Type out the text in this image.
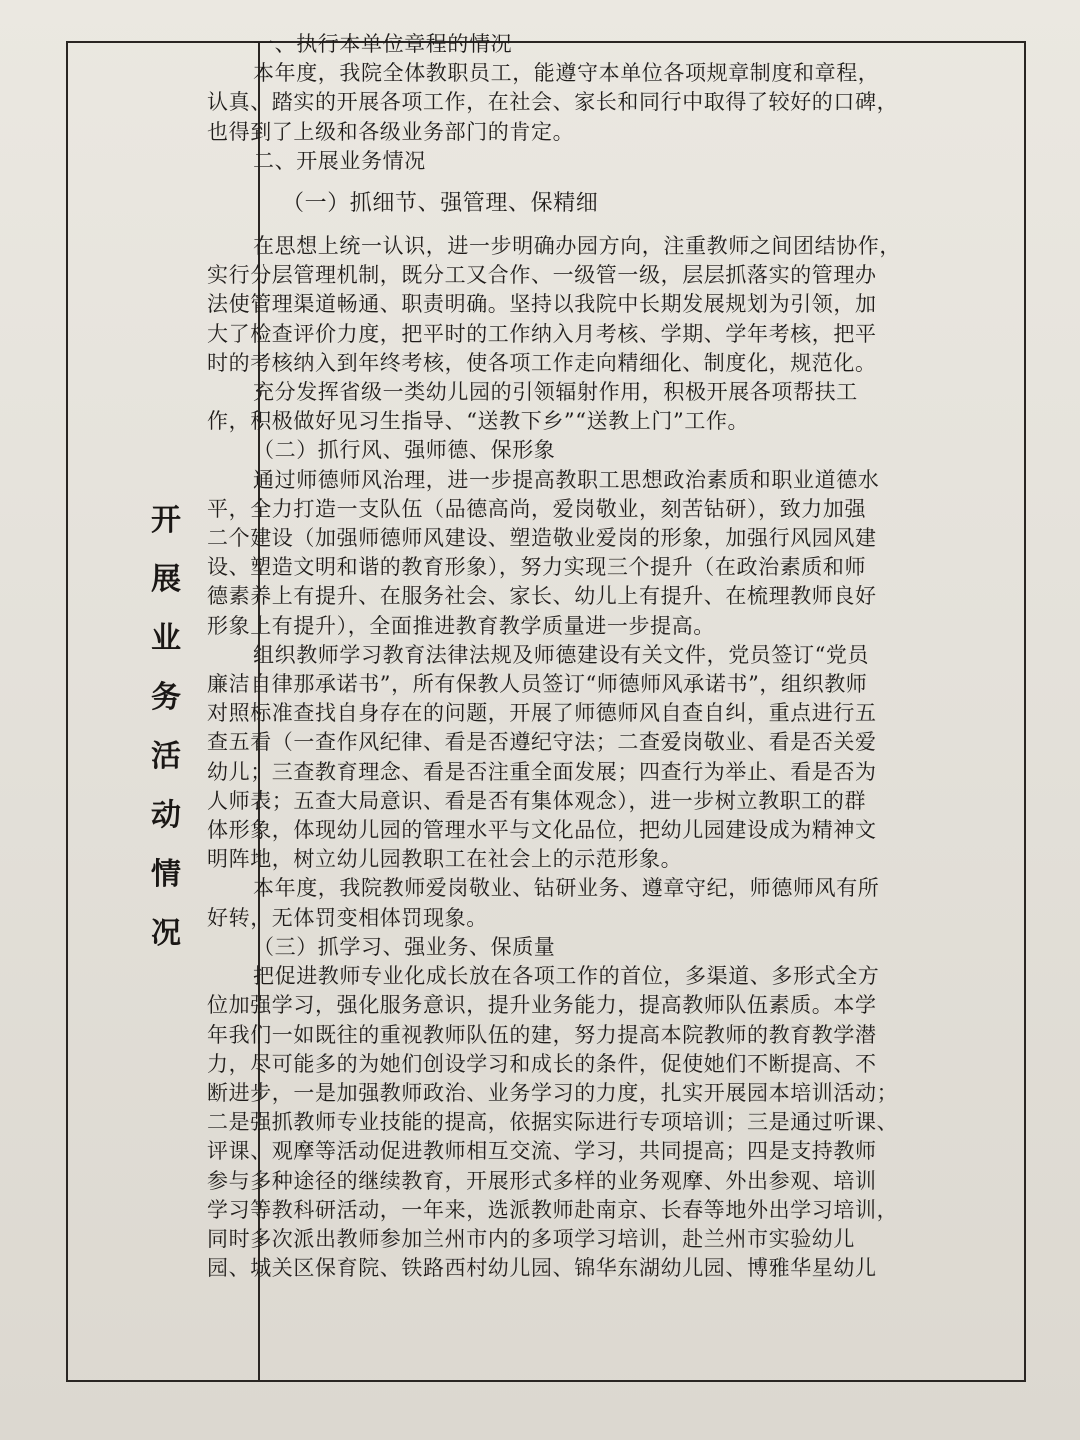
开
展
业
务
活
动
情
况

一、执行本单位章程的情况

本年度，我院全体教职员工，能遵守本单位各项规章制度和章程，

认真、踏实的开展各项工作，在社会、家长和同行中取得了较好的口碑，

也得到了上级和各级业务部门的肯定。

二、开展业务情况

（一）抓细节、强管理、保精细

在思想上统一认识，进一步明确办园方向，注重教师之间团结协作，

实行分层管理机制，既分工又合作、一级管一级，层层抓落实的管理办

法使管理渠道畅通、职责明确。坚持以我院中长期发展规划为引领，加

大了检查评价力度，把平时的工作纳入月考核、学期、学年考核，把平

时的考核纳入到年终考核，使各项工作走向精细化、制度化，规范化。

充分发挥省级一类幼儿园的引领辐射作用，积极开展各项帮扶工

作，积极做好见习生指导、“送教下乡”“送教上门”工作。

（二）抓行风、强师德、保形象

通过师德师风治理，进一步提高教职工思想政治素质和职业道德水

平，全力打造一支队伍（品德高尚，爱岗敬业，刻苦钻研），致力加强

二个建设（加强师德师风建设、塑造敬业爱岗的形象，加强行风园风建

设、塑造文明和谐的教育形象），努力实现三个提升（在政治素质和师

德素养上有提升、在服务社会、家长、幼儿上有提升、在梳理教师良好

形象上有提升），全面推进教育教学质量进一步提高。

组织教师学习教育法律法规及师德建设有关文件，党员签订“党员

廉洁自律那承诺书”，所有保教人员签订“师德师风承诺书”，组织教师

对照标准查找自身存在的问题，开展了师德师风自查自纠，重点进行五

查五看（一查作风纪律、看是否遵纪守法；二查爱岗敬业、看是否关爱

幼儿；三查教育理念、看是否注重全面发展；四查行为举止、看是否为

人师表；五查大局意识、看是否有集体观念），进一步树立教职工的群

体形象，体现幼儿园的管理水平与文化品位，把幼儿园建设成为精神文

明阵地，树立幼儿园教职工在社会上的示范形象。

本年度，我院教师爱岗敬业、钻研业务、遵章守纪，师德师风有所

好转，无体罚变相体罚现象。

（三）抓学习、强业务、保质量

把促进教师专业化成长放在各项工作的首位，多渠道、多形式全方

位加强学习，强化服务意识，提升业务能力，提高教师队伍素质。本学

年我们一如既往的重视教师队伍的建，努力提高本院教师的教育教学潜

力，尽可能多的为她们创设学习和成长的条件，促使她们不断提高、不

断进步，一是加强教师政治、业务学习的力度，扎实开展园本培训活动；

二是强抓教师专业技能的提高，依据实际进行专项培训；三是通过听课、

评课、观摩等活动促进教师相互交流、学习，共同提高；四是支持教师

参与多种途径的继续教育，开展形式多样的业务观摩、外出参观、培训

学习等教科研活动，一年来，选派教师赴南京、长春等地外出学习培训，

同时多次派出教师参加兰州市内的多项学习培训，赴兰州市实验幼儿

园、城关区保育院、铁路西村幼儿园、锦华东湖幼儿园、博雅华星幼儿
